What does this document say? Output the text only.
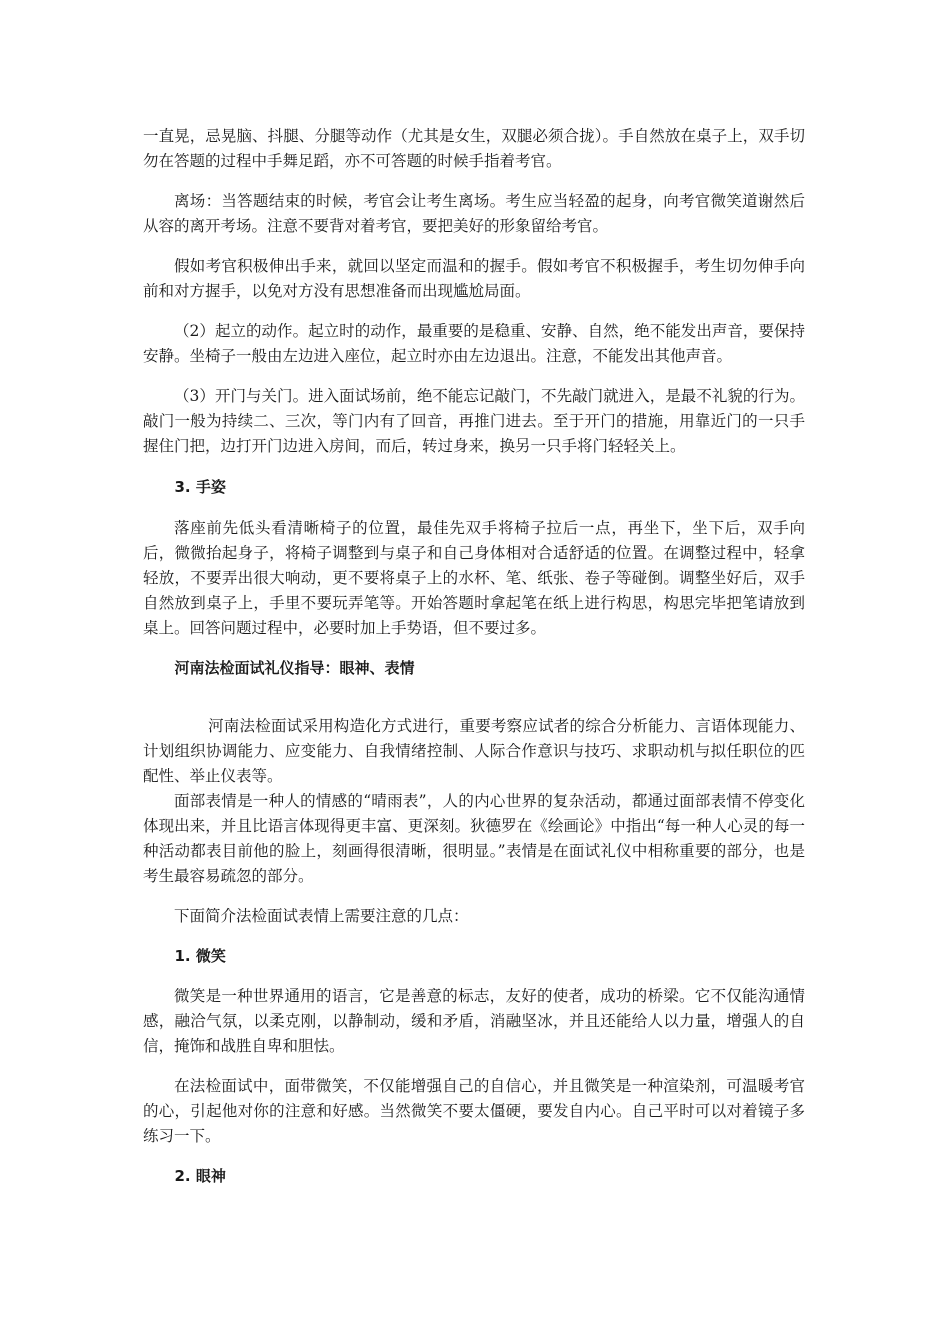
一直晃，忌晃脑、抖腿、分腿等动作（尤其是女生，双腿必须合拢）。手自然放在桌子上，双手切勿在答题的过程中手舞足蹈，亦不可答题的时候手指着考官。

离场：当答题结束的时候，考官会让考生离场。考生应当轻盈的起身，向考官微笑道谢然后从容的离开考场。注意不要背对着考官，要把美好的形象留给考官。

假如考官积极伸出手来，就回以坚定而温和的握手。假如考官不积极握手，考生切勿伸手向前和对方握手，以免对方没有思想准备而出现尴尬局面。

（2）起立的动作。起立时的动作，最重要的是稳重、安静、自然，绝不能发出声音，要保持安静。坐椅子一般由左边进入座位，起立时亦由左边退出。注意，不能发出其他声音。

（3）开门与关门。进入面试场前，绝不能忘记敲门，不先敲门就进入，是最不礼貌的行为。敲门一般为持续二、三次，等门内有了回音，再推门进去。至于开门的措施，用靠近门的一只手握住门把，边打开门边进入房间，而后，转过身来，换另一只手将门轻轻关上。

3. 手姿

落座前先低头看清晰椅子的位置，最佳先双手将椅子拉后一点，再坐下，坐下后，双手向后，微微抬起身子，将椅子调整到与桌子和自己身体相对合适舒适的位置。在调整过程中，轻拿轻放，不要弄出很大响动，更不要将桌子上的水杯、笔、纸张、卷子等碰倒。调整坐好后，双手自然放到桌子上，手里不要玩弄笔等。开始答题时拿起笔在纸上进行构思，构思完毕把笔请放到桌上。回答问题过程中，必要时加上手势语，但不要过多。

河南法检面试礼仪指导：眼神、表情

河南法检面试采用构造化方式进行，重要考察应试者的综合分析能力、言语体现能力、计划组织协调能力、应变能力、自我情绪控制、人际合作意识与技巧、求职动机与拟任职位的匹配性、举止仪表等。

面部表情是一种人的情感的“晴雨表”，人的内心世界的复杂活动，都通过面部表情不停变化体现出来，并且比语言体现得更丰富、更深刻。狄德罗在《绘画论》中指出“每一种人心灵的每一种活动都表目前他的脸上，刻画得很清晰，很明显。”表情是在面试礼仪中相称重要的部分，也是考生最容易疏忽的部分。

下面简介法检面试表情上需要注意的几点：

1. 微笑

微笑是一种世界通用的语言，它是善意的标志，友好的使者，成功的桥梁。它不仅能沟通情感，融洽气氛，以柔克刚，以静制动，缓和矛盾，消融坚冰，并且还能给人以力量，增强人的自信，掩饰和战胜自卑和胆怯。

在法检面试中，面带微笑，不仅能增强自己的自信心，并且微笑是一种渲染剂，可温暖考官的心，引起他对你的注意和好感。当然微笑不要太僵硬，要发自内心。自己平时可以对着镜子多练习一下。

2. 眼神
